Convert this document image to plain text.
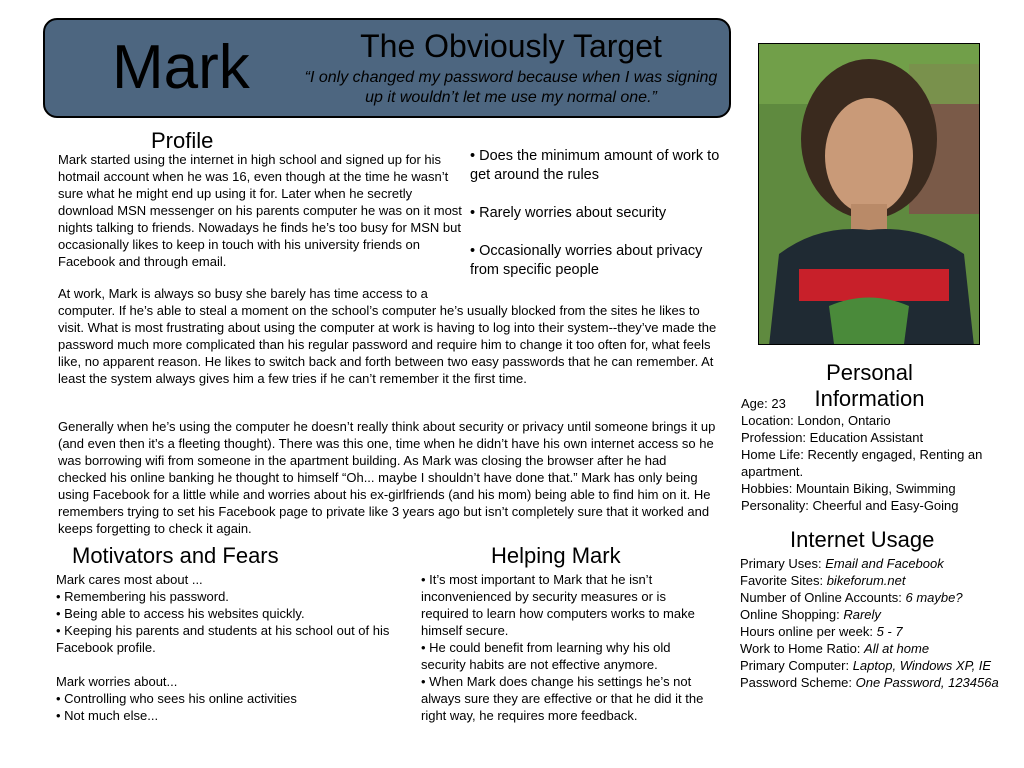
Mark	The Obviously Target
“I only changed my password because when I was signing up it wouldn’t let me use my normal one.”
Profile
Mark started using the internet in high school and signed up for his hotmail account when he was 16, even though at the time he wasn’t sure what he might end up using it for. Later when he secretly download MSN messenger on his parents computer he was on it most nights talking to friends. Nowadays he finds he’s too busy for MSN but occasionally likes to keep in touch with his university friends on Facebook and through email.
• Does the minimum amount of work to get around the rules
• Rarely worries about security
• Occasionally worries about privacy from specific people
At work, Mark is always so busy she barely has time access to a
computer. If he’s able to steal a moment on the school’s computer he’s usually blocked from the sites he likes to visit. What is most frustrating about using the computer at work is having to log into their system--they’ve made the password much more complicated than his regular password and require him to change it too often for, what feels like, no apparent reason. He likes to switch back and forth between two easy passwords that he can remember. At least the system always gives him a few tries if he can’t remember it the first time.
Generally when he’s using the computer he doesn’t really think about security or privacy until someone brings it up (and even then it’s a fleeting thought). There was this one, time when he didn’t have his own internet access so he was borrowing wifi from someone in the apartment building. As Mark was closing the browser after he had checked his online banking he thought to himself “Oh... maybe I shouldn’t have done that.” Mark has only being using Facebook for a little while and worries about his ex-girlfriends (and his mom) being able to find him on it. He remembers trying to set his Facebook page to private like 3 years ago but isn’t completely sure that it worked and keeps forgetting to check it again.
Personal Information
Age: 23
Location: London, Ontario
Profession: Education Assistant
Home Life: Recently engaged, Renting an apartment.
Hobbies: Mountain Biking, Swimming
Personality: Cheerful and Easy-Going
Motivators and Fears
Mark cares most about ...
• Remembering his password.
• Being able to access his websites quickly.
• Keeping his parents and students at his school out of his Facebook profile.
Mark worries about...
• Controlling who sees his online activities
• Not much else...
Helping Mark
• It’s most important to Mark that he isn’t inconvenienced by security measures or is required to learn how computers works to make himself secure.
• He could benefit from learning why his old security habits are not effective anymore.
• When Mark does change his settings he’s not always sure they are effective or that he did it the right way, he requires more feedback.
Internet Usage
Primary Uses: Email and Facebook
Favorite Sites: bikeforum.net
Number of Online Accounts: 6 maybe?
Online Shopping: Rarely
Hours online per week: 5 - 7
Work to Home Ratio: All at home
Primary Computer: Laptop, Windows XP, IE
Password Scheme: One Password, 123456a
